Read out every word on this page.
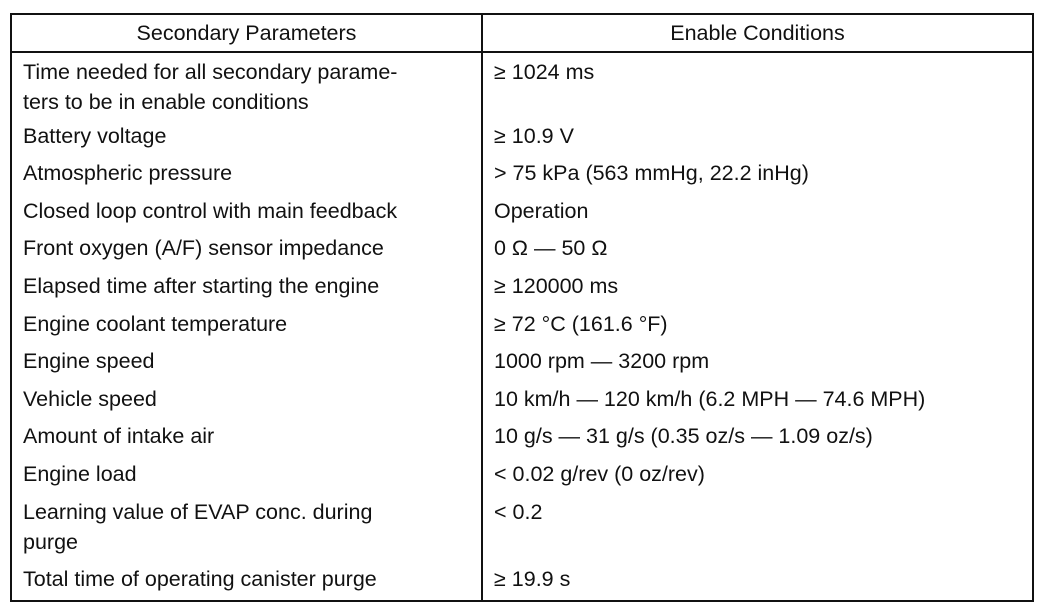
Secondary Parameters	Enable Conditions
Time needed for all secondary parame-
ters to be in enable conditions	≥ 1024 ms
Battery voltage	≥ 10.9 V
Atmospheric pressure	> 75 kPa (563 mmHg, 22.2 inHg)
Closed loop control with main feedback	Operation
Front oxygen (A/F) sensor impedance	0 Ω — 50 Ω
Elapsed time after starting the engine	≥ 120000 ms
Engine coolant temperature	≥ 72 °C (161.6 °F)
Engine speed	1000 rpm — 3200 rpm
Vehicle speed	10 km/h — 120 km/h (6.2 MPH — 74.6 MPH)
Amount of intake air	10 g/s — 31 g/s (0.35 oz/s — 1.09 oz/s)
Engine load	< 0.02 g/rev (0 oz/rev)
Learning value of EVAP conc. during
purge	< 0.2
Total time of operating canister purge	≥ 19.9 s
